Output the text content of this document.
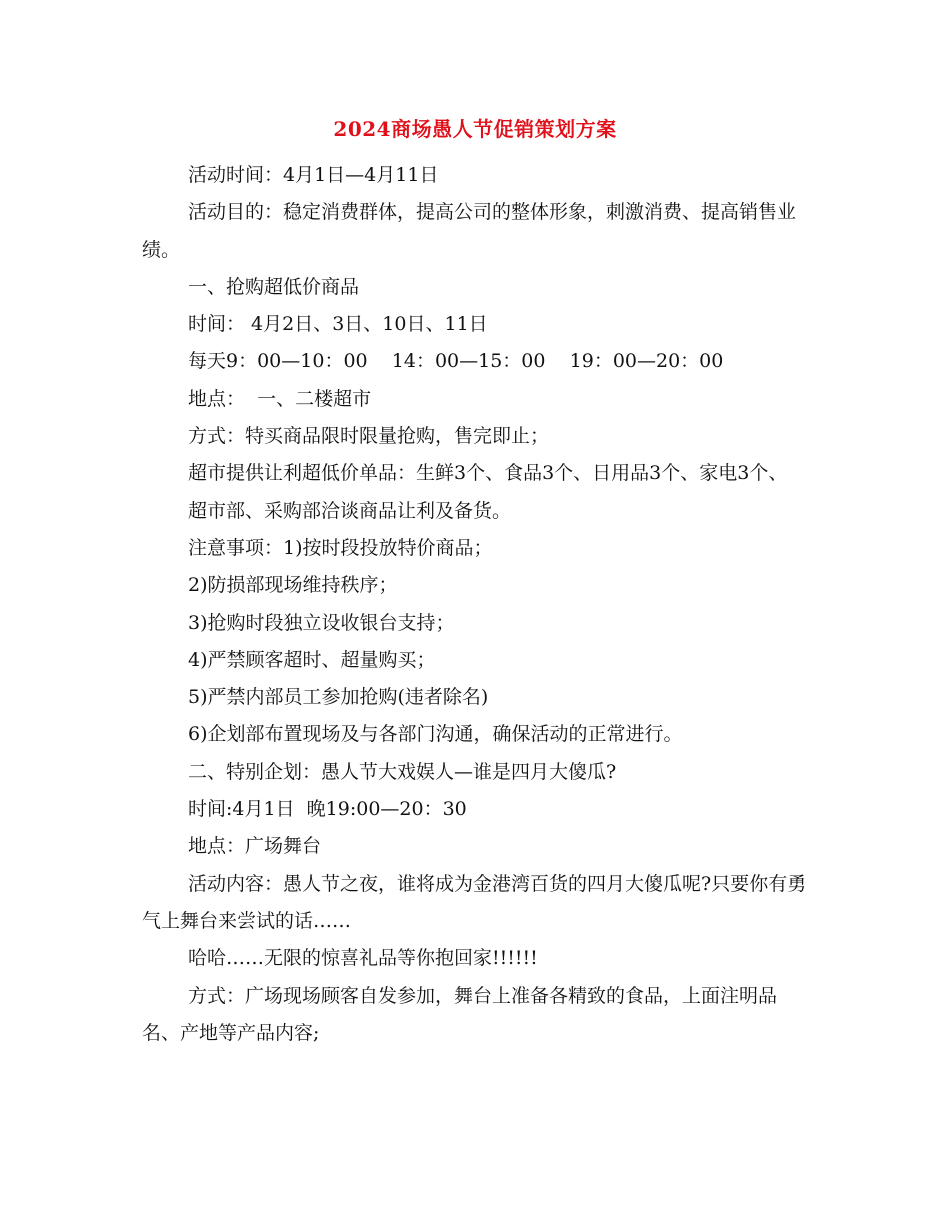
2024商场愚人节促销策划方案

活动时间：4月1日—4月11日

活动目的：稳定消费群体，提高公司的整体形象，刺激消费、提高销售业绩。

一、抢购超低价商品

时间： 4月2日、3日、10日、11日

每天9：00—10：00    14：00—15：00    19：00—20：00

地点：  一、二楼超市

方式：特买商品限时限量抢购，售完即止；

超市提供让利超低价单品：生鲜3个、食品3个、日用品3个、家电3个、

超市部、采购部洽谈商品让利及备货。

注意事项：1)按时段投放特价商品；

2)防损部现场维持秩序；

3)抢购时段独立设收银台支持；

4)严禁顾客超时、超量购买；

5)严禁内部员工参加抢购(违者除名)

6)企划部布置现场及与各部门沟通，确保活动的正常进行。

二、特别企划：愚人节大戏娱人—谁是四月大傻瓜?

时间:4月1日  晚19:00—20：30

地点：广场舞台

活动内容：愚人节之夜，谁将成为金港湾百货的四月大傻瓜呢?只要你有勇气上舞台来尝试的话……

哈哈……无限的惊喜礼品等你抱回家!!!!!!

方式：广场现场顾客自发参加，舞台上准备各精致的食品，上面注明品名、产地等产品内容;
